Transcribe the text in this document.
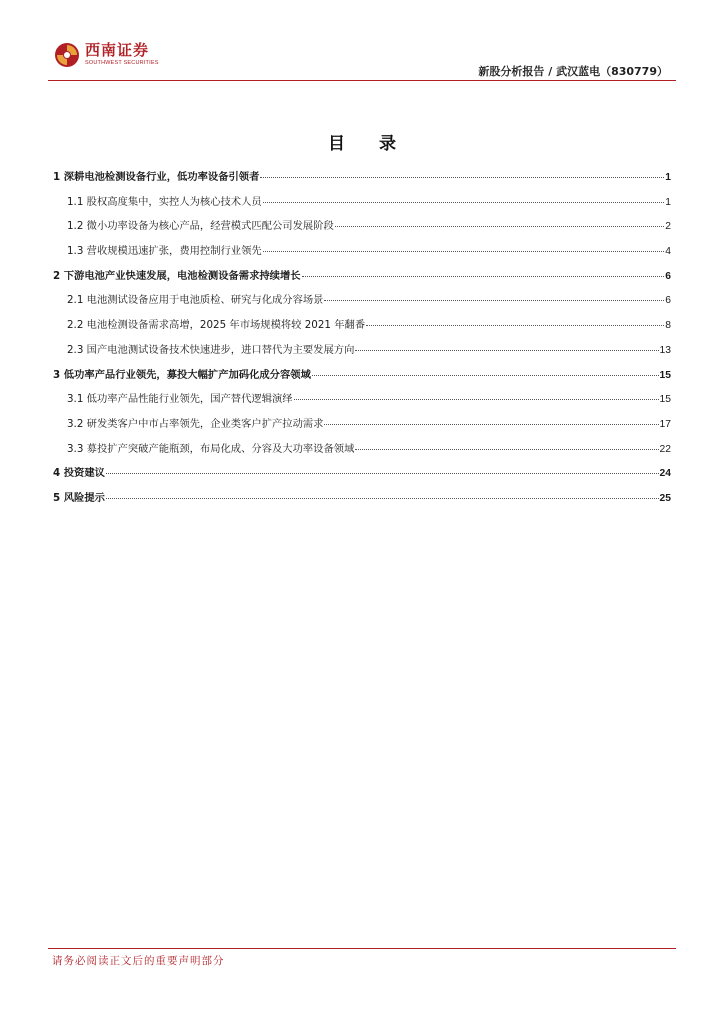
西南证券
SOUTHWEST SECURITIES
新股分析报告 / 武汉蓝电（830779）
目 录
1 深耕电池检测设备行业，低功率设备引领者	1
1.1 股权高度集中，实控人为核心技术人员	1
1.2 微小功率设备为核心产品，经营模式匹配公司发展阶段	2
1.3 营收规模迅速扩张，费用控制行业领先	4
2 下游电池产业快速发展，电池检测设备需求持续增长	6
2.1 电池测试设备应用于电池质检、研究与化成分容场景	6
2.2 电池检测设备需求高增，2025 年市场规模将较 2021 年翻番	8
2.3 国产电池测试设备技术快速进步，进口替代为主要发展方向	13
3 低功率产品行业领先，募投大幅扩产加码化成分容领域	15
3.1 低功率产品性能行业领先，国产替代逻辑演绎	15
3.2 研发类客户中市占率领先，企业类客户扩产拉动需求	17
3.3 募投扩产突破产能瓶颈，布局化成、分容及大功率设备领域	22
4 投资建议	24
5 风险提示	25
请务必阅读正文后的重要声明部分
